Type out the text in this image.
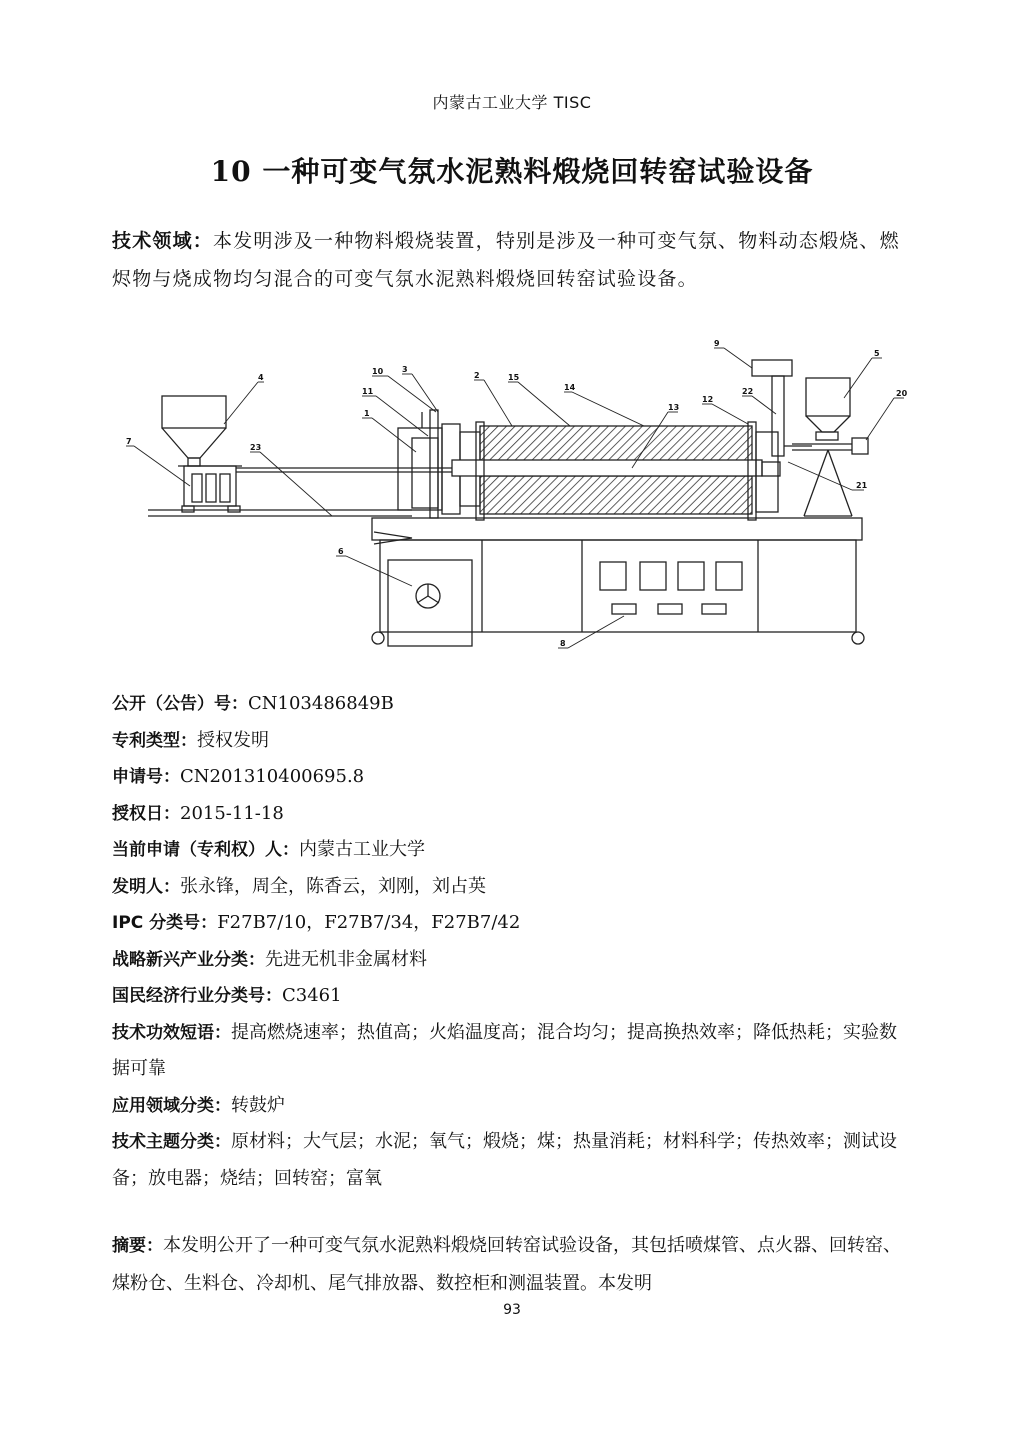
内蒙古工业大学 TISC
10 一种可变气氛水泥熟料煅烧回转窑试验设备
技术领域：本发明涉及一种物料煅烧装置，特别是涉及一种可变气氛、物料动态煅烧、燃烬物与烧成物均匀混合的可变气氛水泥熟料煅烧回转窑试验设备。
4
7
23
10 3
11
1
2	15
14
13
12
9
22
5
20
21
6
8
公开（公告）号：CN103486849B
专利类型：授权发明
申请号：CN201310400695.8
授权日：2015-11-18
当前申请（专利权）人：内蒙古工业大学
发明人：张永锋，周全，陈香云，刘刚，刘占英
IPC 分类号：F27B7/10，F27B7/34，F27B7/42
战略新兴产业分类：先进无机非金属材料
国民经济行业分类号：C3461
技术功效短语：提高燃烧速率；热值高；火焰温度高；混合均匀；提高换热效率；降低热耗；实验数据可靠
应用领域分类：转鼓炉
技术主题分类：原材料；大气层；水泥；氧气；煅烧；煤；热量消耗；材料科学；传热效率；测试设备；放电器；烧结；回转窑；富氧
摘要：本发明公开了一种可变气氛水泥熟料煅烧回转窑试验设备，其包括喷煤管、点火器、回转窑、煤粉仓、生料仓、冷却机、尾气排放器、数控柜和测温装置。本发明
93
